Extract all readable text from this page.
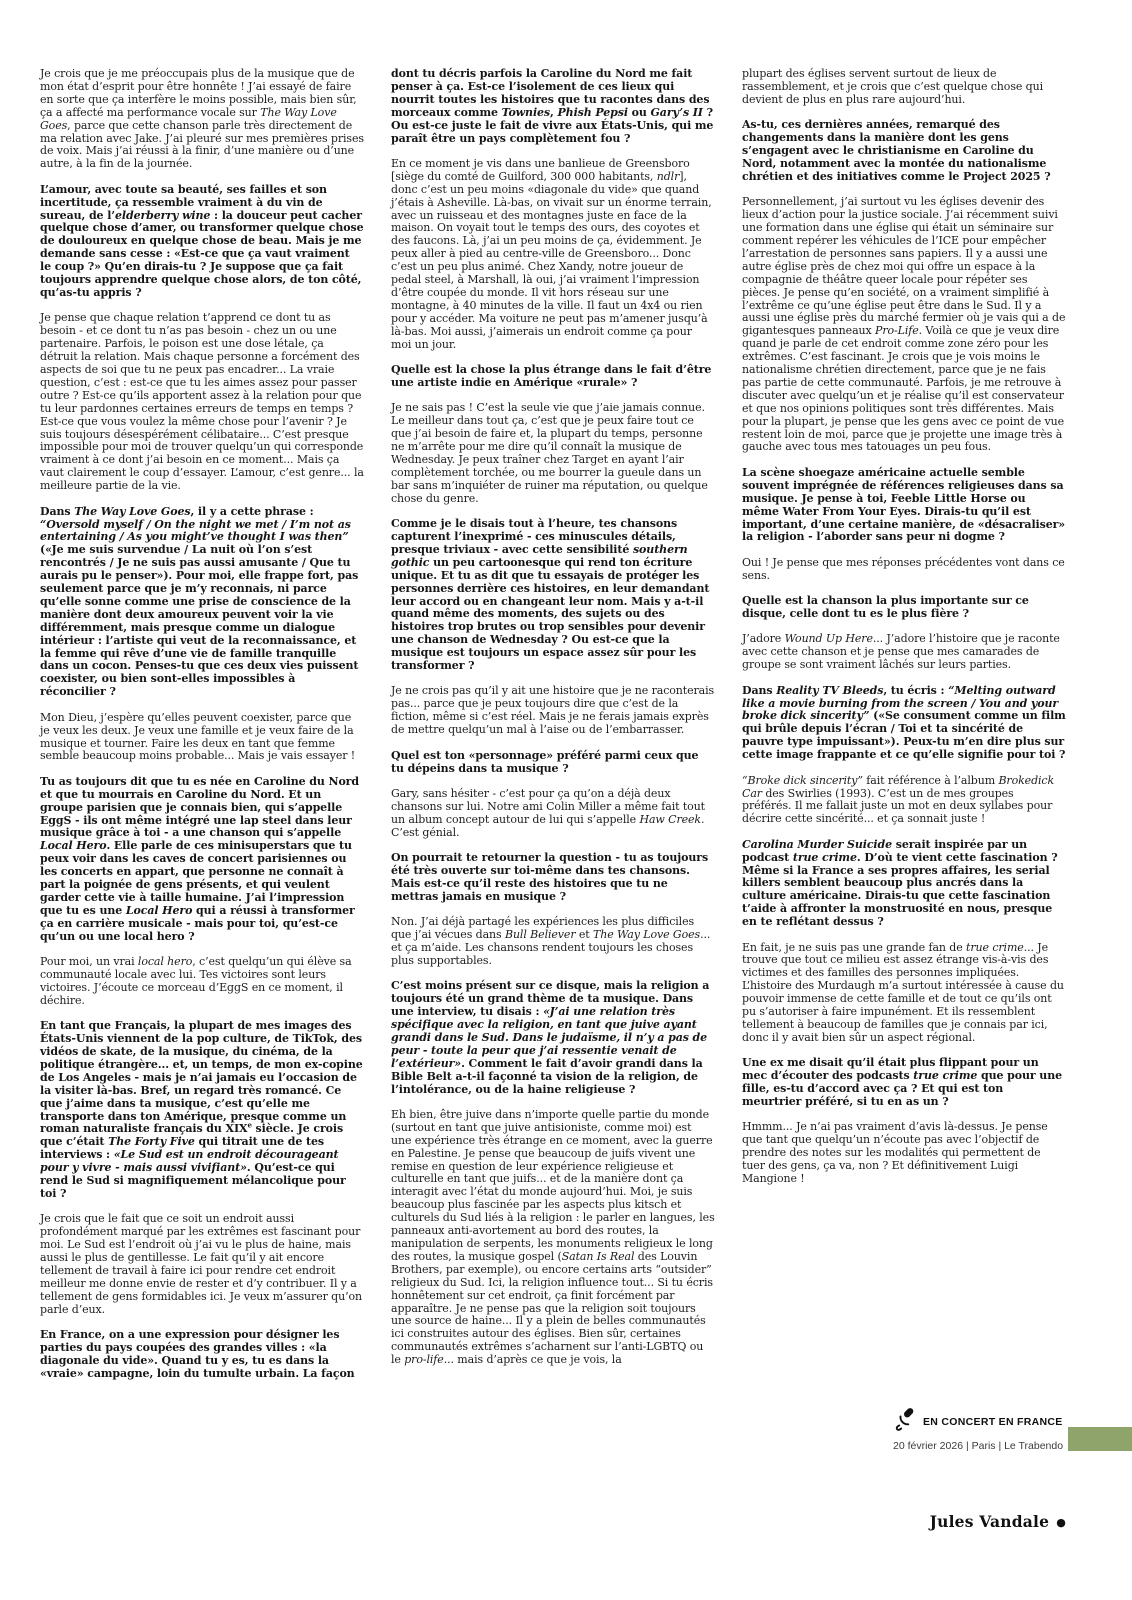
Je crois que je me préoccupais plus de la musique que de mon état d’esprit pour être honnête ! J’ai essayé de faire en sorte que ça interfère le moins possible, mais bien sûr, ça a affecté ma performance vocale sur The Way Love Goes, parce que cette chanson parle très directement de ma relation avec Jake. J’ai pleuré sur mes premières prises de voix. Mais j’ai réussi à la finir, d’une manière ou d’une autre, à la fin de la journée.

L’amour, avec toute sa beauté, ses failles et son incertitude, ça ressemble vraiment à du vin de sureau, de l’elderberry wine : la douceur peut cacher quelque chose d’amer, ou transformer quelque chose de douloureux en quelque chose de beau. Mais je me demande sans cesse : «Est-ce que ça vaut vraiment le coup ?» Qu’en dirais-tu ? Je suppose que ça fait toujours apprendre quelque chose alors, de ton côté, qu’as-tu appris ?

Je pense que chaque relation t’apprend ce dont tu as besoin - et ce dont tu n’as pas besoin - chez un ou une partenaire. Parfois, le poison est une dose létale, ça détruit la relation. Mais chaque personne a forcément des aspects de soi que tu ne peux pas encadrer... La vraie question, c’est : est-ce que tu les aimes assez pour passer outre ? Est-ce qu’ils apportent assez à la relation pour que tu leur pardonnes certaines erreurs de temps en temps ? Est-ce que vous voulez la même chose pour l’avenir ? Je suis toujours désespérément célibataire... C’est presque impossible pour moi de trouver quelqu’un qui corresponde vraiment à ce dont j’ai besoin en ce moment... Mais ça vaut clairement le coup d’essayer. L’amour, c’est genre... la meilleure partie de la vie.

Dans The Way Love Goes, il y a cette phrase : “Oversold myself / On the night we met / I’m not as entertaining / As you might’ve thought I was then” («Je me suis survendue / La nuit où l’on s’est rencontrés / Je ne suis pas aussi amusante / Que tu aurais pu le penser»). Pour moi, elle frappe fort, pas seulement parce que je m’y reconnais, ni parce qu’elle sonne comme une prise de conscience de la manière dont deux amoureux peuvent voir la vie différemment, mais presque comme un dialogue intérieur : l’artiste qui veut de la reconnaissance, et la femme qui rêve d’une vie de famille tranquille dans un cocon. Penses-tu que ces deux vies puissent coexister, ou bien sont-elles impossibles à réconcilier ?

Mon Dieu, j’espère qu’elles peuvent coexister, parce que je veux les deux. Je veux une famille et je veux faire de la musique et tourner. Faire les deux en tant que femme semble beaucoup moins probable... Mais je vais essayer !

Tu as toujours dit que tu es née en Caroline du Nord et que tu mourrais en Caroline du Nord. Et un groupe parisien que je connais bien, qui s’appelle EggS - ils ont même intégré une lap steel dans leur musique grâce à toi - a une chanson qui s’appelle Local Hero. Elle parle de ces minisuperstars que tu peux voir dans les caves de concert parisiennes ou les concerts en appart, que personne ne connaît à part la poignée de gens présents, et qui veulent garder cette vie à taille humaine. J’ai l’impression que tu es une Local Hero qui a réussi à transformer ça en carrière musicale - mais pour toi, qu’est-ce qu’un ou une local hero ?

Pour moi, un vrai local hero, c’est quelqu’un qui élève sa communauté locale avec lui. Tes victoires sont leurs victoires. J’écoute ce morceau d’EggS en ce moment, il déchire.

En tant que Français, la plupart de mes images des États-Unis viennent de la pop culture, de TikTok, des vidéos de skate, de la musique, du cinéma, de la politique étrangère... et, un temps, de mon ex-copine de Los Angeles - mais je n’ai jamais eu l’occasion de la visiter là-bas. Bref, un regard très romancé. Ce que j’aime dans ta musique, c’est qu’elle me transporte dans ton Amérique, presque comme un roman naturaliste français du XIXe siècle. Je crois que c’était The Forty Five qui titrait une de tes interviews : «Le Sud est un endroit décourageant pour y vivre - mais aussi vivifiant». Qu’est-ce qui rend le Sud si magnifiquement mélancolique pour toi ?

Je crois que le fait que ce soit un endroit aussi profondément marqué par les extrêmes est fascinant pour moi. Le Sud est l’endroit où j’ai vu le plus de haine, mais aussi le plus de gentillesse. Le fait qu’il y ait encore tellement de travail à faire ici pour rendre cet endroit meilleur me donne envie de rester et d’y contribuer. Il y a tellement de gens formidables ici. Je veux m’assurer qu’on parle d’eux.

En France, on a une expression pour désigner les parties du pays coupées des grandes villes : «la diagonale du vide». Quand tu y es, tu es dans la «vraie» campagne, loin du tumulte urbain. La façon

dont tu décris parfois la Caroline du Nord me fait penser à ça. Est-ce l’isolement de ces lieux qui nourrit toutes les histoires que tu racontes dans des morceaux comme Townies, Phish Pepsi ou Gary’s II ? Ou est-ce juste le fait de vivre aux États-Unis, qui me paraît être un pays complètement fou ?

En ce moment je vis dans une banlieue de Greensboro [siège du comté de Guilford, 300 000 habitants, ndlr], donc c’est un peu moins «diagonale du vide» que quand j’étais à Asheville. Là-bas, on vivait sur un énorme terrain, avec un ruisseau et des montagnes juste en face de la maison. On voyait tout le temps des ours, des coyotes et des faucons. Là, j’ai un peu moins de ça, évidemment. Je peux aller à pied au centre-ville de Greensboro... Donc c’est un peu plus animé. Chez Xandy, notre joueur de pedal steel, à Marshall, là oui, j’ai vraiment l’impression d’être coupée du monde. Il vit hors réseau sur une montagne, à 40 minutes de la ville. Il faut un 4x4 ou rien pour y accéder. Ma voiture ne peut pas m’amener jusqu’à là-bas. Moi aussi, j’aimerais un endroit comme ça pour moi un jour.

Quelle est la chose la plus étrange dans le fait d’être une artiste indie en Amérique «rurale» ?

Je ne sais pas ! C’est la seule vie que j’aie jamais connue. Le meilleur dans tout ça, c’est que je peux faire tout ce que j’ai besoin de faire et, la plupart du temps, personne ne m’arrête pour me dire qu’il connaît la musique de Wednesday. Je peux traîner chez Target en ayant l’air complètement torchée, ou me bourrer la gueule dans un bar sans m’inquiéter de ruiner ma réputation, ou quelque chose du genre.

Comme je le disais tout à l’heure, tes chansons capturent l’inexprimé - ces minuscules détails, presque triviaux - avec cette sensibilité southern gothic un peu cartoonesque qui rend ton écriture unique. Et tu as dit que tu essayais de protéger les personnes derrière ces histoires, en leur demandant leur accord ou en changeant leur nom. Mais y a-t-il quand même des moments, des sujets ou des histoires trop brutes ou trop sensibles pour devenir une chanson de Wednesday ? Ou est-ce que la musique est toujours un espace assez sûr pour les transformer ?

Je ne crois pas qu’il y ait une histoire que je ne raconterais pas... parce que je peux toujours dire que c’est de la fiction, même si c’est réel. Mais je ne ferais jamais exprès de mettre quelqu’un mal à l’aise ou de l’embarrasser.

Quel est ton «personnage» préféré parmi ceux que tu dépeins dans ta musique ?

Gary, sans hésiter - c’est pour ça qu’on a déjà deux chansons sur lui. Notre ami Colin Miller a même fait tout un album concept autour de lui qui s’appelle Haw Creek. C’est génial.

On pourrait te retourner la question - tu as toujours été très ouverte sur toi-même dans tes chansons. Mais est-ce qu’il reste des histoires que tu ne mettras jamais en musique ?

Non. J’ai déjà partagé les expériences les plus difficiles que j’ai vécues dans Bull Believer et The Way Love Goes... et ça m’aide. Les chansons rendent toujours les choses plus supportables.

C’est moins présent sur ce disque, mais la religion a toujours été un grand thème de ta musique. Dans une interview, tu disais : «J’ai une relation très spécifique avec la religion, en tant que juive ayant grandi dans le Sud. Dans le judaïsme, il n’y a pas de peur - toute la peur que j’ai ressentie venait de l’extérieur». Comment le fait d’avoir grandi dans la Bible Belt a-t-il façonné ta vision de la religion, de l’intolérance, ou de la haine religieuse ?

Eh bien, être juive dans n’importe quelle partie du monde (surtout en tant que juive antisioniste, comme moi) est une expérience très étrange en ce moment, avec la guerre en Palestine. Je pense que beaucoup de juifs vivent une remise en question de leur expérience religieuse et culturelle en tant que juifs... et de la manière dont ça interagit avec l’état du monde aujourd’hui. Moi, je suis beaucoup plus fascinée par les aspects plus kitsch et culturels du Sud liés à la religion : le parler en langues, les panneaux anti-avortement au bord des routes, la manipulation de serpents, les monuments religieux le long des routes, la musique gospel (Satan Is Real des Louvin Brothers, par exemple), ou encore certains arts “outsider” religieux du Sud. Ici, la religion influence tout... Si tu écris honnêtement sur cet endroit, ça finit forcément par apparaître. Je ne pense pas que la religion soit toujours une source de haine... Il y a plein de belles communautés ici construites autour des églises. Bien sûr, certaines communautés extrêmes s’acharnent sur l’anti-LGBTQ ou le pro-life... mais d’après ce que je vois, la

plupart des églises servent surtout de lieux de rassemblement, et je crois que c’est quelque chose qui devient de plus en plus rare aujourd’hui.

As-tu, ces dernières années, remarqué des changements dans la manière dont les gens s’engagent avec le christianisme en Caroline du Nord, notamment avec la montée du nationalisme chrétien et des initiatives comme le Project 2025 ?

Personnellement, j’ai surtout vu les églises devenir des lieux d’action pour la justice sociale. J’ai récemment suivi une formation dans une église qui était un séminaire sur comment repérer les véhicules de l’ICE pour empêcher l’arrestation de personnes sans papiers. Il y a aussi une autre église près de chez moi qui offre un espace à la compagnie de théâtre queer locale pour répéter ses pièces. Je pense qu’en société, on a vraiment simplifié à l’extrême ce qu’une église peut être dans le Sud. Il y a aussi une église près du marché fermier où je vais qui a de gigantesques panneaux Pro-Life. Voilà ce que je veux dire quand je parle de cet endroit comme zone zéro pour les extrêmes. C’est fascinant. Je crois que je vois moins le nationalisme chrétien directement, parce que je ne fais pas partie de cette communauté. Parfois, je me retrouve à discuter avec quelqu’un et je réalise qu’il est conservateur et que nos opinions politiques sont très différentes. Mais pour la plupart, je pense que les gens avec ce point de vue restent loin de moi, parce que je projette une image très à gauche avec tous mes tatouages un peu fous.

La scène shoegaze américaine actuelle semble souvent imprégnée de références religieuses dans sa musique. Je pense à toi, Feeble Little Horse ou même Water From Your Eyes. Dirais-tu qu’il est important, d’une certaine manière, de «désacraliser» la religion - l’aborder sans peur ni dogme ?

Oui ! Je pense que mes réponses précédentes vont dans ce sens.

Quelle est la chanson la plus importante sur ce disque, celle dont tu es le plus fière ?

J’adore Wound Up Here... J’adore l’histoire que je raconte avec cette chanson et je pense que mes camarades de groupe se sont vraiment lâchés sur leurs parties.

Dans Reality TV Bleeds, tu écris : “Melting outward like a movie burning from the screen / You and your broke dick sincerity” («Se consument comme un film qui brûle depuis l’écran / Toi et ta sincérité de pauvre type impuissant»). Peux-tu m’en dire plus sur cette image frappante et ce qu’elle signifie pour toi ?

“Broke dick sincerity” fait référence à l’album Brokedick Car des Swirlies (1993). C’est un de mes groupes préférés. Il me fallait juste un mot en deux syllabes pour décrire cette sincérité... et ça sonnait juste !

Carolina Murder Suicide serait inspirée par un podcast true crime. D’où te vient cette fascination ? Même si la France a ses propres affaires, les serial killers semblent beaucoup plus ancrés dans la culture américaine. Dirais-tu que cette fascination t’aide à affronter la monstruosité en nous, presque en te reflétant dessus ?

En fait, je ne suis pas une grande fan de true crime... Je trouve que tout ce milieu est assez étrange vis-à-vis des victimes et des familles des personnes impliquées. L’histoire des Murdaugh m’a surtout intéressée à cause du pouvoir immense de cette famille et de tout ce qu’ils ont pu s’autoriser à faire impunément. Et ils ressemblent tellement à beaucoup de familles que je connais par ici, donc il y avait bien sûr un aspect régional.

Une ex me disait qu’il était plus flippant pour un mec d’écouter des podcasts true crime que pour une fille, es-tu d’accord avec ça ? Et qui est ton meurtrier préféré, si tu en as un ?

Hmmm... Je n’ai pas vraiment d’avis là-dessus. Je pense que tant que quelqu’un n’écoute pas avec l’objectif de prendre des notes sur les modalités qui permettent de tuer des gens, ça va, non ? Et définitivement Luigi Mangione !

EN CONCERT EN FRANCE
20 février 2026 | Paris | Le Trabendo
Jules Vandale ●
